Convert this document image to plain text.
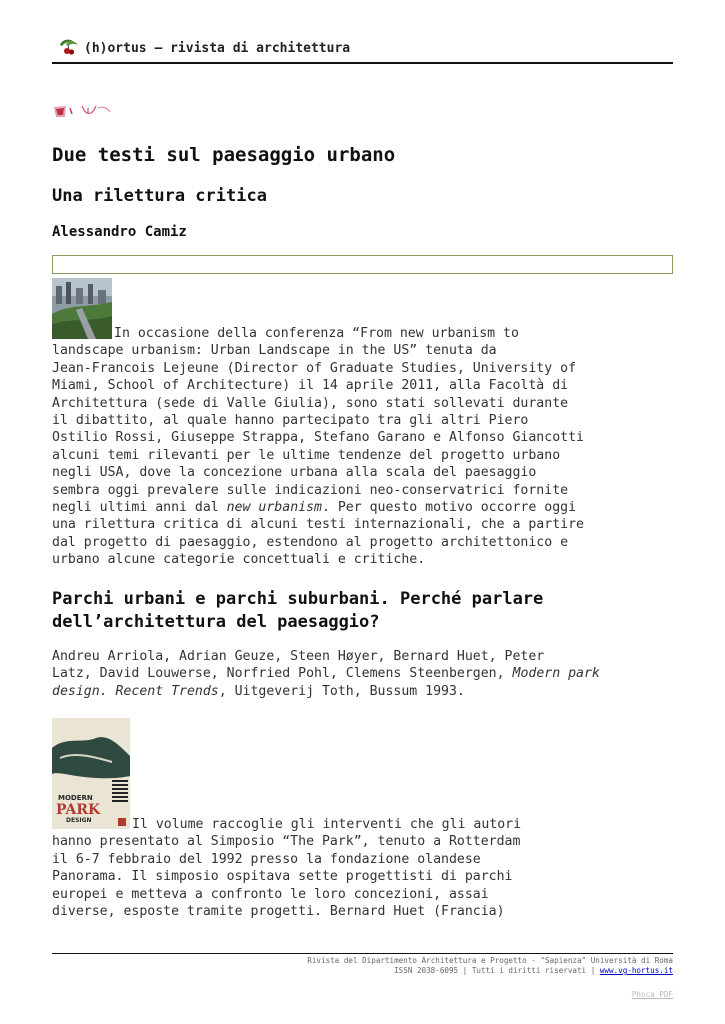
(h)ortus – rivista di architettura
Due testi sul paesaggio urbano
Una rilettura critica
Alessandro Camiz
In occasione della conferenza “From new urbanism to
landscape urbanism: Urban Landscape in the US” tenuta da
Jean-Francois Lejeune (Director of Graduate Studies, University of
Miami, School of Architecture) il 14 aprile 2011, alla Facoltà di
Architettura (sede di Valle Giulia), sono stati sollevati durante
il dibattito, al quale hanno partecipato tra gli altri Piero
Ostilio Rossi, Giuseppe Strappa, Stefano Garano e Alfonso Giancotti
alcuni temi rilevanti per le ultime tendenze del progetto urbano
negli USA, dove la concezione urbana alla scala del paesaggio
sembra oggi prevalere sulle indicazioni neo-conservatrici fornite
negli ultimi anni dal new urbanism. Per questo motivo occorre oggi
una rilettura critica di alcuni testi internazionali, che a partire
dal progetto di paesaggio, estendono al progetto architettonico e
urbano alcune categorie concettuali e critiche.
Parchi urbani e parchi suburbani. Perché parlare
dell’architettura del paesaggio?
Andreu Arriola, Adrian Geuze, Steen Høyer, Bernard Huet, Peter
Latz, David Louwerse, Norfried Pohl, Clemens Steenbergen, Modern park
design. Recent Trends, Uitgeverij Toth, Bussum 1993.
MODERN
PARK
DESIGN	Il volume raccoglie gli interventi che gli autori
hanno presentato al Simposio “The Park”, tenuto a Rotterdam
il 6-7 febbraio del 1992 presso la fondazione olandese
Panorama. Il simposio ospitava sette progettisti di parchi
europei e metteva a confronto le loro concezioni, assai
diverse, esposte tramite progetti. Bernard Huet (Francia)
Rivista del Dipartimento Architettura e Progetto - "Sapienza" Università di Roma
ISSN 2038-6095 | Tutti i diritti riservati | www.vg-hortus.it
Phoca PDF
